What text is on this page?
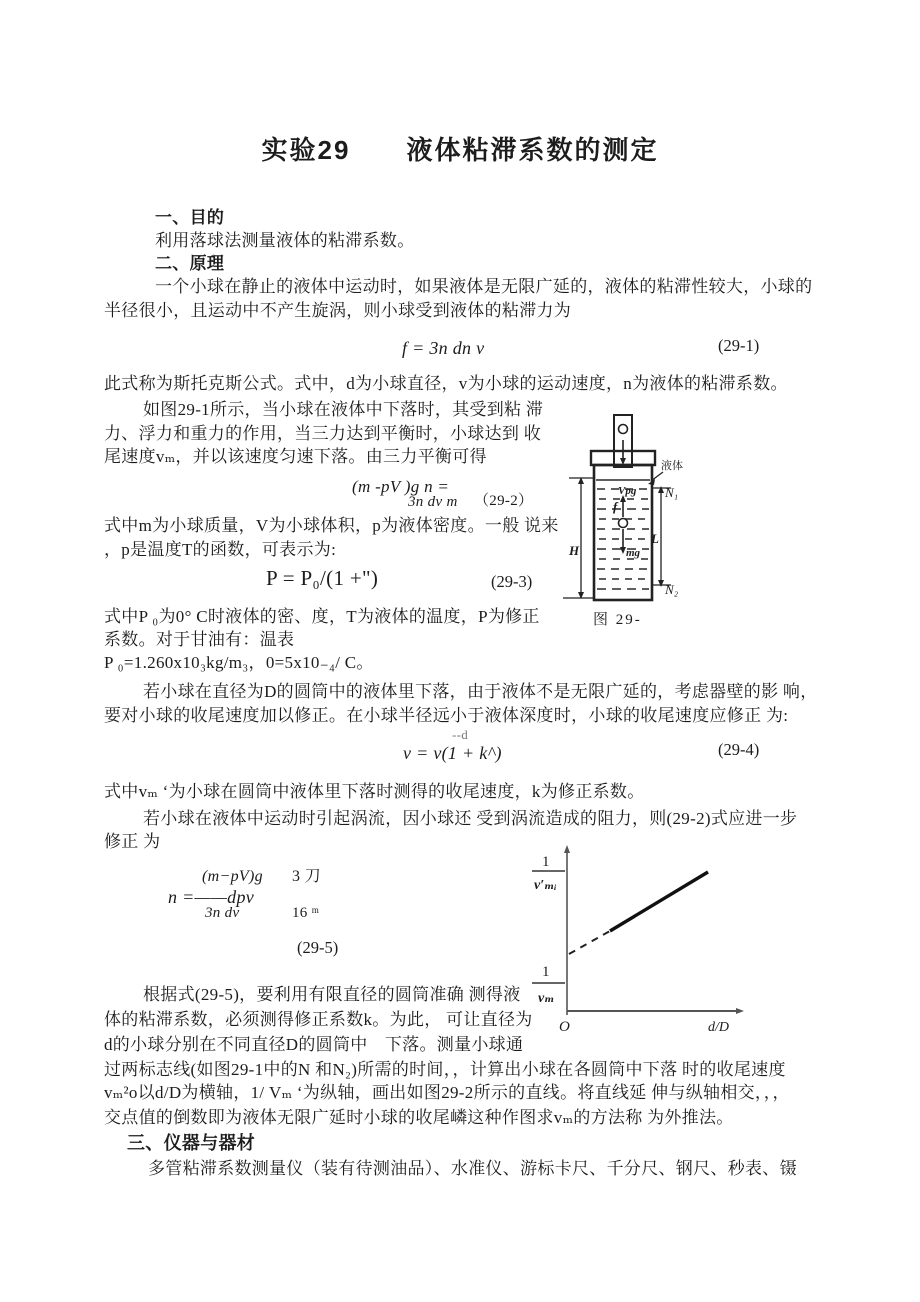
实验29　　液体粘滞系数的测定
一、目的
利用落球法测量液体的粘滞系数。
二、原理
一个小球在静止的液体中运动时，如果液体是无限广延的，液体的粘滞性较大，小球的
半径很小，且运动中不产生旋涡，则小球受到液体的粘滞力为
f = 3n dn v	(29-1)
此式称为斯托克斯公式。式中，d为小球直径，v为小球的运动速度，n为液体的粘滞系数。
如图29-1所示，当小球在液体中下落时，其受到粘 滞
力、浮力和重力的作用，当三力达到平衡时，小球达到 收
尾速度vₘ，并以该速度匀速下落。由三力平衡可得
(m -pV )g n =
3n dv m （29-2）
式中m为小球质量，V为小球体积，p为液体密度。一般 说来
，p是温度T的函数，可表示为:
P = P₀/(1 +")	(29-3)
式中P ₀为0° C时液体的密、度，T为液体的温度，P为修正
系数。对于甘油有：温表
P ₀=1.260x10₃kg/m₃，0=5x10₋₄/ C。
若小球在直径为D的圆筒中的液体里下落，由于液体不是无限广延的，考虑器壁的影 响，
要对小球的收尾速度加以修正。在小球半径远小于液体深度时，小球的收尾速度应修正 为:
--d
v = v(1 + k^)	(29-4)
式中vₘ ʻ为小球在圆筒中液体里下落时测得的收尾速度，k为修正系数。
若小球在液体中运动时引起涡流，因小球还 受到涡流造成的阻力，则(29-2)式应进一步
修正 为
(m−pV)g 3 刀
n =——dpv
3n dv	16 ᵐ
(29-5)
根据式(29-5)，要利用有限直径的圆筒准确 测得液
体的粘滞系数，必须测得修正系数k。为此， 可让直径为
d的小球分别在不同直径D的圆筒中　下落。测量小球通
过两标志线(如图29-1中的N 和N₂)所需的时间，，计算出小球在各圆筒中下落 时的收尾速度
vₘ²o以d/D为横轴，1/ Vₘ ʻ为纵轴，画出如图29-2所示的直线。将直线延 伸与纵轴相交，，，
交点值的倒数即为液体无限广延时小球的收尾嶙这种作图求vₘ的方法称 为外推法。
三、仪器与器材
多管粘滞系数测量仪（装有待测油品）、水准仪、游标卡尺、千分尺、钢尺、秒表、镊
液体
N₁
N₂
L
H
Vpg
f
mg
图 29-
1
v′ₘᵢ
1
vₘ
O	d/D
